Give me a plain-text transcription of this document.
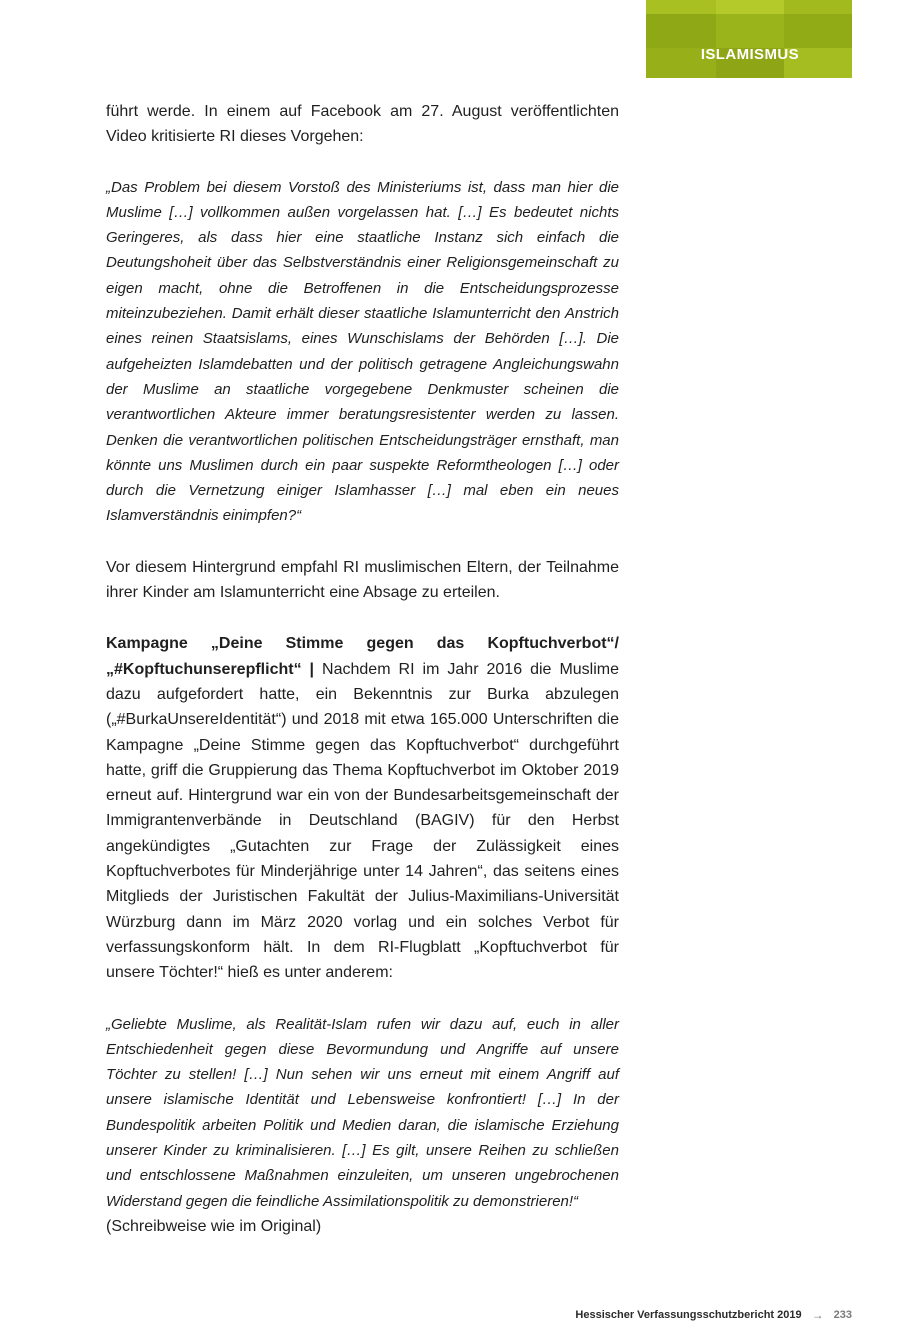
ISLAMISMUS

führt werde. In einem auf Facebook am 27. August veröffentlichten Video kritisierte RI dieses Vorgehen:

„Das Problem bei diesem Vorstoß des Ministeriums ist, dass man hier die Muslime […] vollkommen außen vorgelassen hat. […] Es bedeutet nichts Geringeres, als dass hier eine staatliche Instanz sich einfach die Deutungshoheit über das Selbstverständnis einer Religionsgemeinschaft zu eigen macht, ohne die Betroffenen in die Entscheidungsprozesse miteinzubeziehen. Damit erhält dieser staatliche Islamunterricht den Anstrich eines reinen Staatsislams, eines Wunschislams der Behörden […]. Die aufgeheizten Islamdebatten und der politisch getragene Angleichungswahn der Muslime an staatliche vorgegebene Denkmuster scheinen die verantwortlichen Akteure immer beratungsresistenter werden zu lassen. Denken die verantwortlichen politischen Entscheidungsträger ernsthaft, man könnte uns Muslimen durch ein paar suspekte Reformtheologen […] oder durch die Vernetzung einiger Islamhasser […] mal eben ein neues Islamverständnis einimpfen?“

Vor diesem Hintergrund empfahl RI muslimischen Eltern, der Teilnahme ihrer Kinder am Islamunterricht eine Absage zu erteilen.

Kampagne „Deine Stimme gegen das Kopftuchverbot“/„#Kopftuchunserepflicht“ | Nachdem RI im Jahr 2016 die Muslime dazu aufgefordert hatte, ein Bekenntnis zur Burka abzulegen („#BurkaUnsereIdentität“) und 2018 mit etwa 165.000 Unterschriften die Kampagne „Deine Stimme gegen das Kopftuchverbot“ durchgeführt hatte, griff die Gruppierung das Thema Kopftuchverbot im Oktober 2019 erneut auf. Hintergrund war ein von der Bundesarbeitsgemeinschaft der Immigrantenverbände in Deutschland (BAGIV) für den Herbst angekündigtes „Gutachten zur Frage der Zulässigkeit eines Kopftuchverbotes für Minderjährige unter 14 Jahren“, das seitens eines Mitglieds der Juristischen Fakultät der Julius-Maximilians-Universität Würzburg dann im März 2020 vorlag und ein solches Verbot für verfassungskonform hält. In dem RI-Flugblatt „Kopftuchverbot für unsere Töchter!“ hieß es unter anderem:

„Geliebte Muslime, als Realität-Islam rufen wir dazu auf, euch in aller Entschiedenheit gegen diese Bevormundung und Angriffe auf unsere Töchter zu stellen! […] Nun sehen wir uns erneut mit einem Angriff auf unsere islamische Identität und Lebensweise konfrontiert! […] In der Bundespolitik arbeiten Politik und Medien daran, die islamische Erziehung unserer Kinder zu kriminalisieren. […] Es gilt, unsere Reihen zu schließen und entschlossene Maßnahmen einzuleiten, um unseren ungebrochenen Widerstand gegen die feindliche Assimilationspolitik zu demonstrieren!“

(Schreibweise wie im Original)

Hessischer Verfassungsschutzbericht 2019 → 233
